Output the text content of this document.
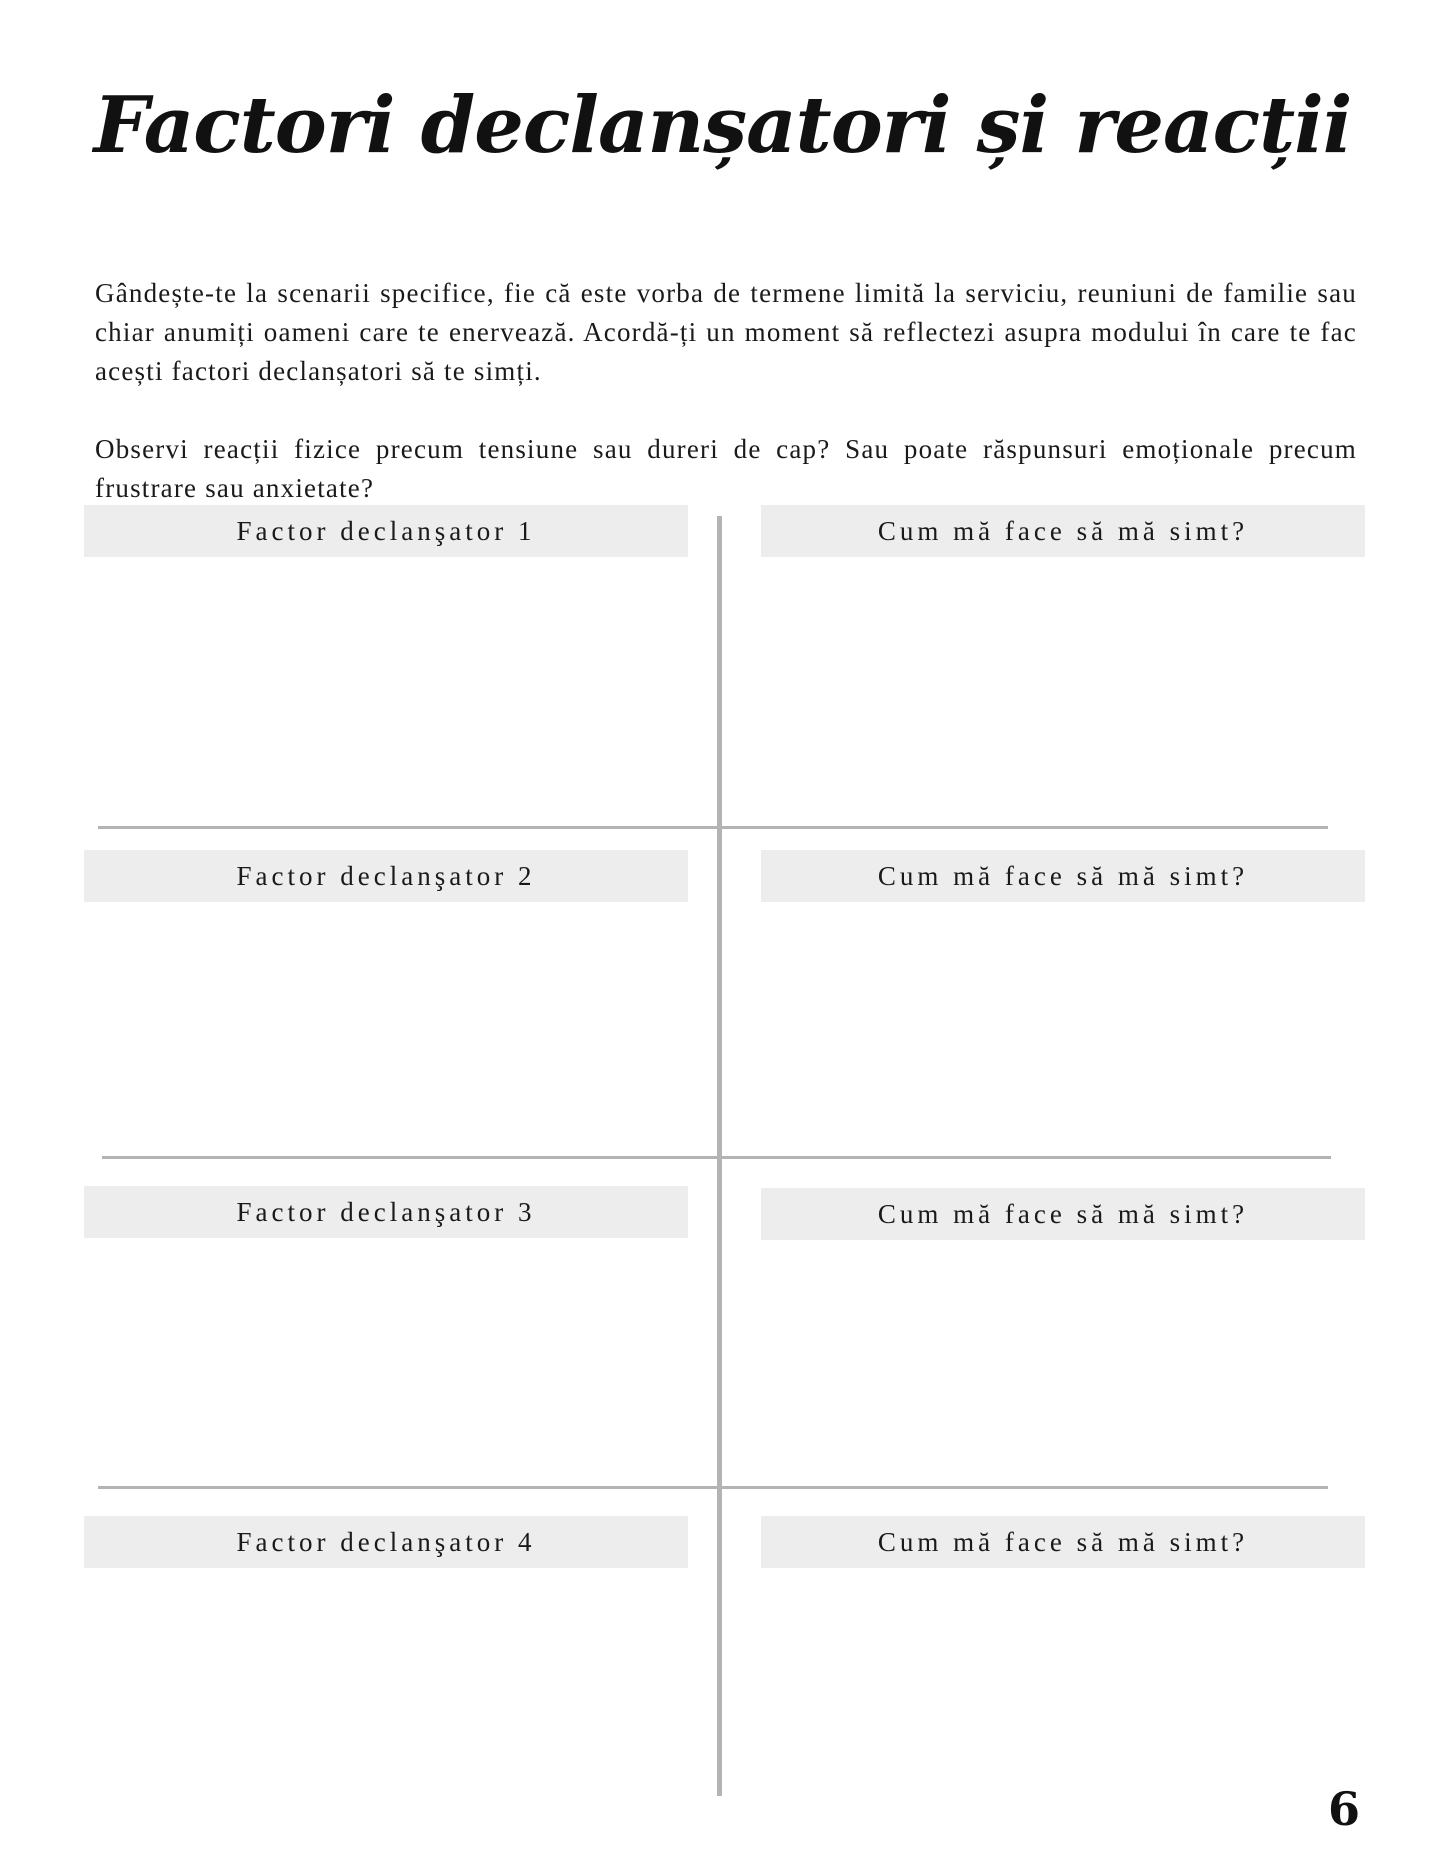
Factori declanșatori și reacții

Gândește-te la scenarii specifice, fie că este vorba de termene limită la serviciu, reuniuni de familie sau chiar anumiți oameni care te enervează. Acordă-ți un moment să reflectezi asupra modului în care te fac acești factori declanșatori să te simți.

Observi reacții fizice precum tensiune sau dureri de cap? Sau poate răspunsuri emoționale precum frustrare sau anxietate?

Factor declanşator 1	Cum mă face să mă simt?
Factor declanşator 2	Cum mă face să mă simt?
Factor declanşator 3	Cum mă face să mă simt?
Factor declanşator 4	Cum mă face să mă simt?
6
